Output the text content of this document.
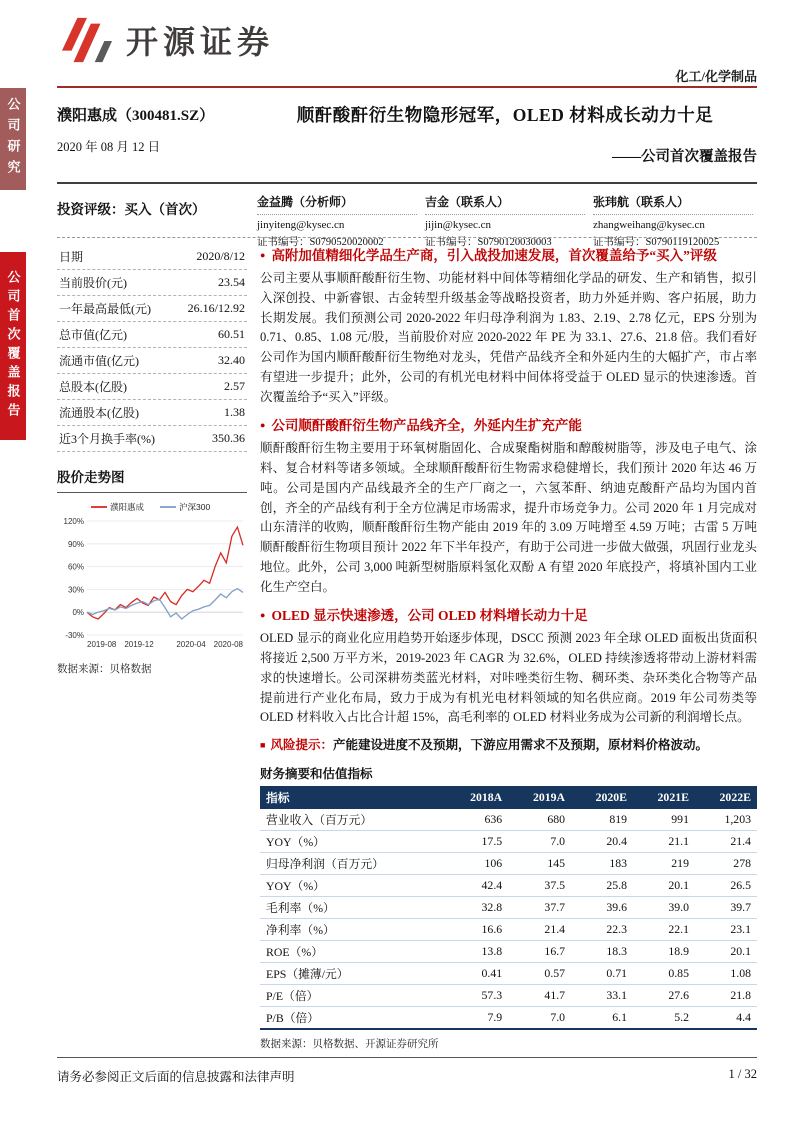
公司研究
公司首次覆盖报告
开源证券
化工/化学制品
濮阳惠成（300481.SZ）
2020 年 08 月 12 日
顺酐酸酐衍生物隐形冠军，OLED 材料成长动力十足
——公司首次覆盖报告
投资评级：买入（首次）	金益腾（分析师）
jinyiteng@kysec.cn
证书编号：S0790520020002
吉金（联系人）
jijin@kysec.cn
证书编号：S0790120030003
张玮航（联系人）
zhangweihang@kysec.cn
证书编号：S0790119120025
日期	2020/8/12
当前股价(元)	23.54
一年最高最低(元)	26.16/12.92
总市值(亿元)	60.51
流通市值(亿元)	32.40
总股本(亿股)	2.57
流通股本(亿股)	1.38
近3个月换手率(%)	350.36
股价走势图
120%
90%
60%
30%
0%
-30%
2019-08 2019-12	2020-04 2020-08
濮阳惠成	沪深300
数据来源：贝格数据
● 高附加值精细化学品生产商，引入战投加速发展，首次覆盖给予“买入”评级
公司主要从事顺酐酸酐衍生物、功能材料中间体等精细化学品的研发、生产和销售，拟引入深创投、中新睿银、古金转型升级基金等战略投资者，助力外延并购、客户拓展，助力长期发展。我们预测公司 2020-2022 年归母净利润为 1.83、2.19、2.78 亿元，EPS 分别为 0.71、0.85、1.08 元/股，当前股价对应 2020-2022 年 PE 为 33.1、27.6、21.8 倍。我们看好公司作为国内顺酐酸酐衍生物绝对龙头，凭借产品线齐全和外延内生的大幅扩产，市占率有望进一步提升；此外，公司的有机光电材料中间体将受益于 OLED 显示的快速渗透。首次覆盖给予“买入”评级。
● 公司顺酐酸酐衍生物产品线齐全，外延内生扩充产能
顺酐酸酐衍生物主要用于环氧树脂固化、合成聚酯树脂和醇酸树脂等，涉及电子电气、涂料、复合材料等诸多领域。全球顺酐酸酐衍生物需求稳健增长，我们预计 2020 年达 46 万吨。公司是国内产品线最齐全的生产厂商之一，六氢苯酐、纳迪克酸酐产品均为国内首创，齐全的产品线有利于全方位满足市场需求，提升市场竞争力。公司 2020 年 1 月完成对山东清洋的收购，顺酐酸酐衍生物产能由 2019 年的 3.09 万吨增至 4.59 万吨；古雷 5 万吨顺酐酸酐衍生物项目预计 2022 年下半年投产，有助于公司进一步做大做强，巩固行业龙头地位。此外，公司 3,000 吨新型树脂原料氢化双酚 A 有望 2020 年底投产，将填补国内工业化生产空白。
● OLED 显示快速渗透，公司 OLED 材料增长动力十足
OLED 显示的商业化应用趋势开始逐步体现，DSCC 预测 2023 年全球 OLED 面板出货面积将接近 2,500 万平方米，2019-2023 年 CAGR 为 32.6%，OLED 持续渗透将带动上游材料需求的快速增长。公司深耕芴类蓝光材料，对咔唑类衍生物、稠环类、杂环类化合物等产品提前进行产业化布局，致力于成为有机光电材料领域的知名供应商。2019 年公司芴类等 OLED 材料收入占比合计超 15%，高毛利率的 OLED 材料业务成为公司新的利润增长点。
■ 风险提示：产能建设进度不及预期，下游应用需求不及预期，原材料价格波动。
财务摘要和估值指标
指标	2018A	2019A	2020E	2021E	2022E
营业收入（百万元）	636	680	819	991	1,203
YOY（%）	17.5	7.0	20.4	21.1	21.4
归母净利润（百万元）	106	145	183	219	278
YOY（%）	42.4	37.5	25.8	20.1	26.5
毛利率（%）	32.8	37.7	39.6	39.0	39.7
净利率（%）	16.6	21.4	22.3	22.1	23.1
ROE（%）	13.8	16.7	18.3	18.9	20.1
EPS（摊薄/元）	0.41	0.57	0.71	0.85	1.08
P/E（倍）	57.3	41.7	33.1	27.6	21.8
P/B（倍）	7.9	7.0	6.1	5.2	4.4
数据来源：贝格数据、开源证券研究所
请务必参阅正文后面的信息披露和法律声明	1 / 32
